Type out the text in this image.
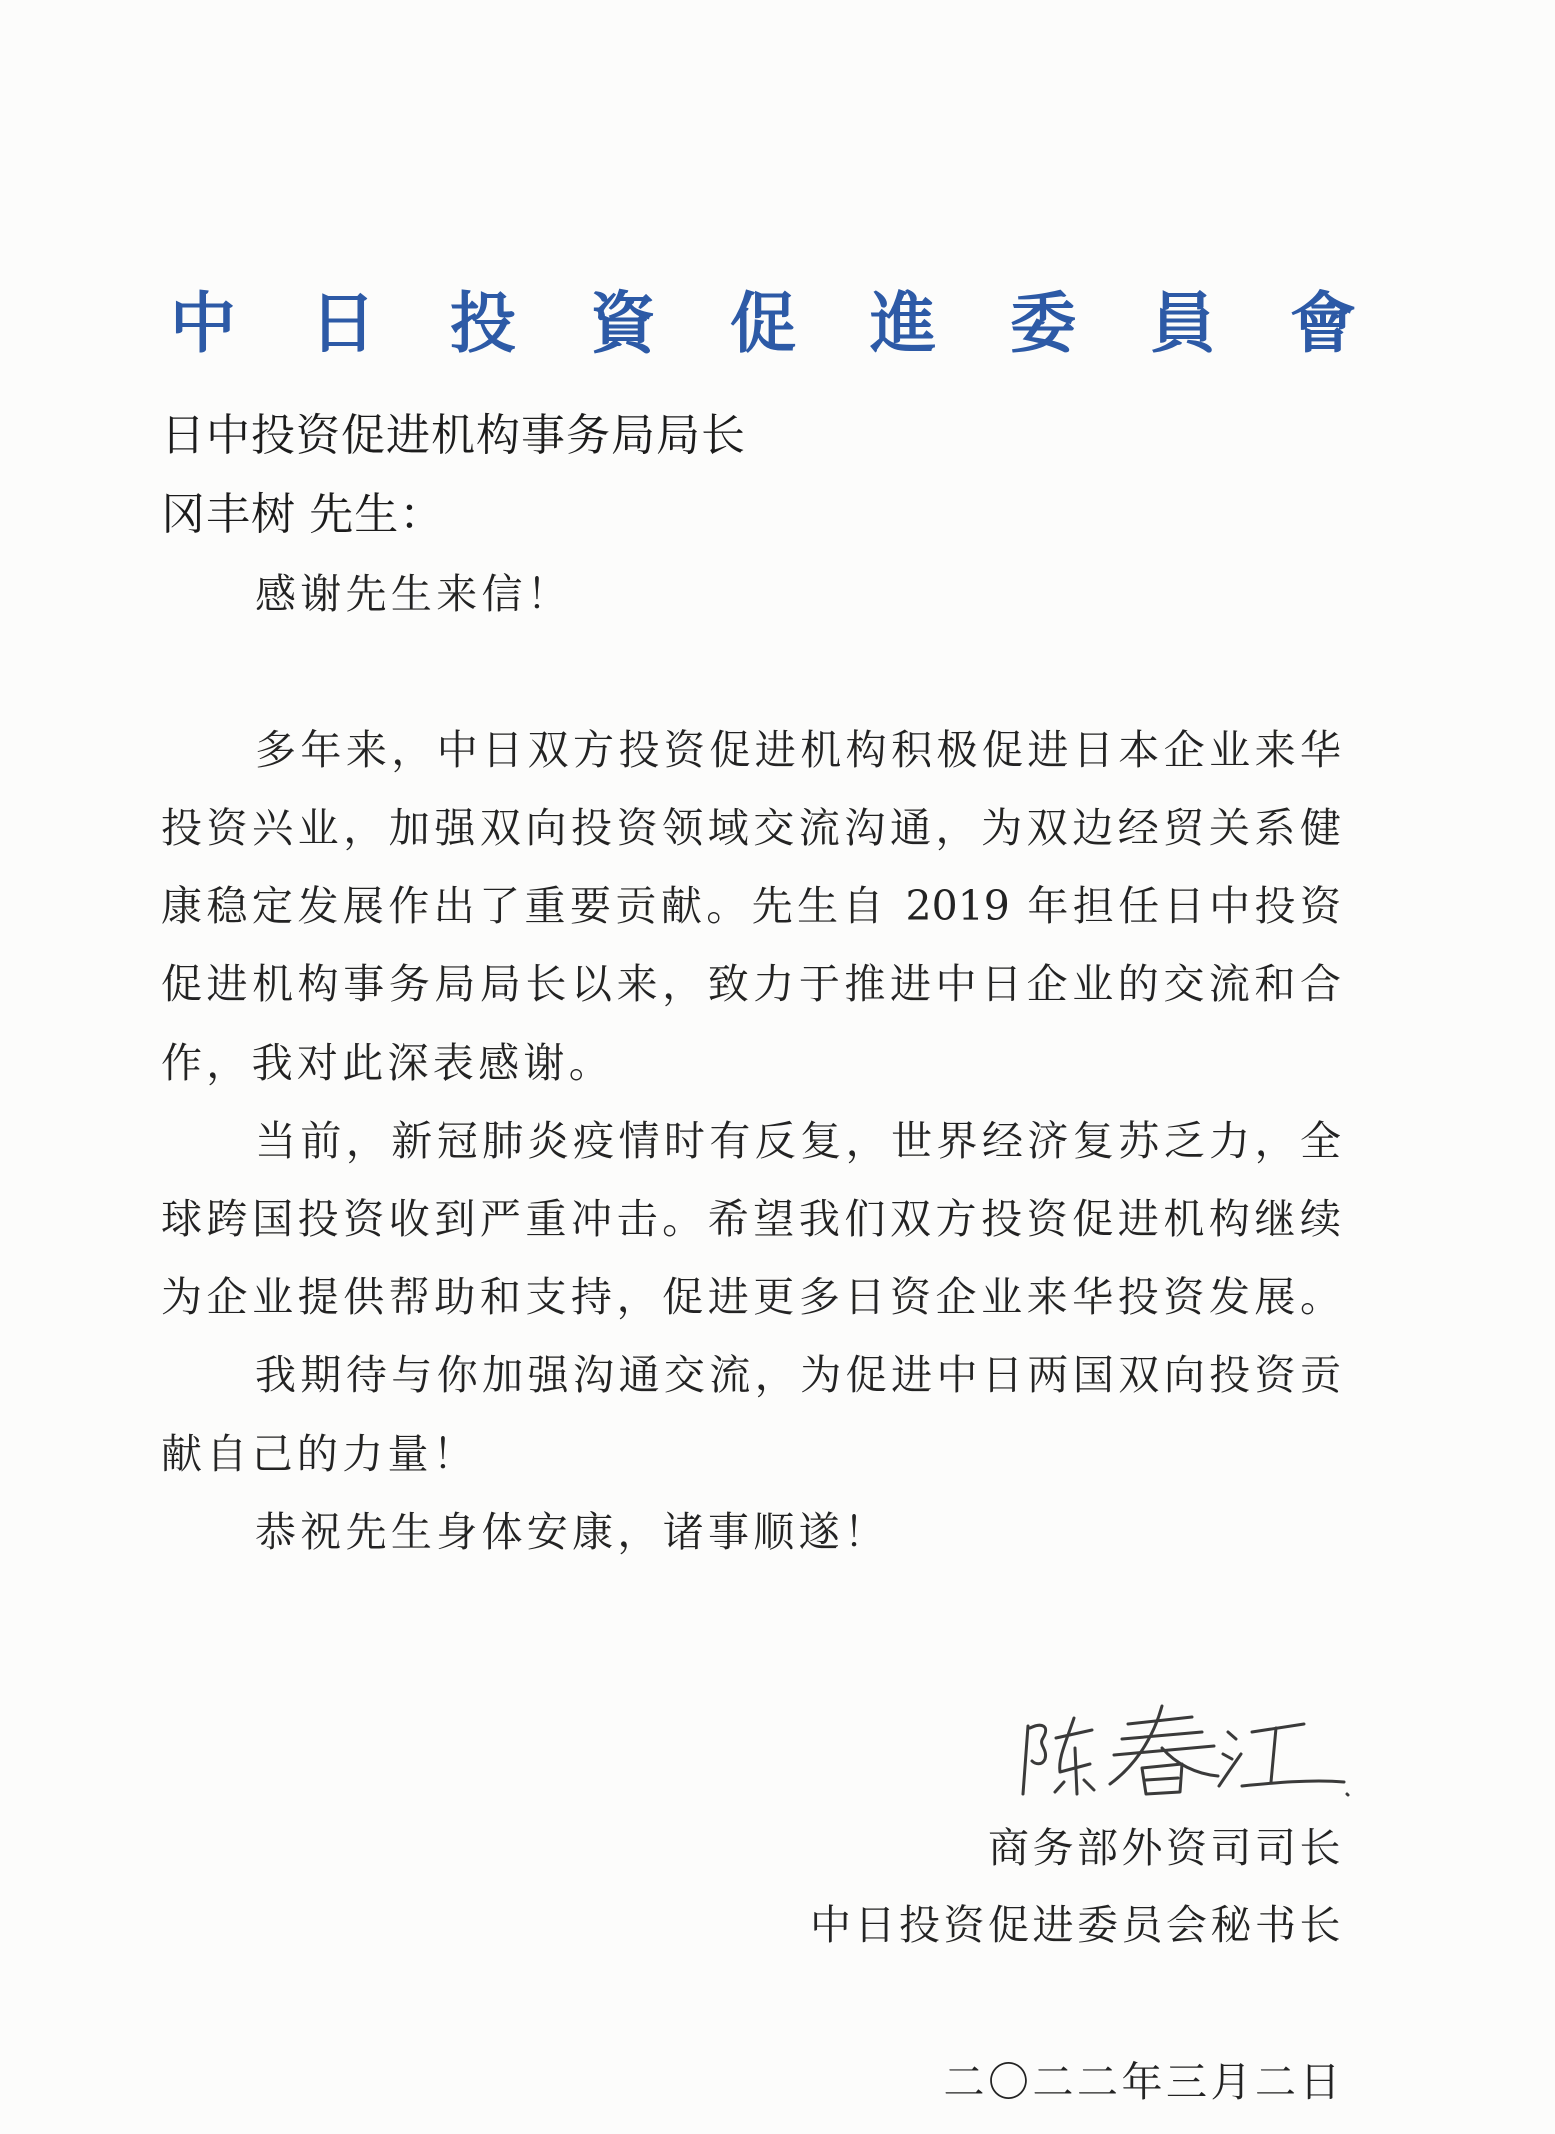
中日投資促進委員會
日中投资促进机构事务局局长
冈丰树 先生：
感谢先生来信！
多年来，中日双方投资促进机构积极促进日本企业来华
投资兴业，加强双向投资领域交流沟通，为双边经贸关系健
康稳定发展作出了重要贡献。先生自 2019 年担任日中投资
促进机构事务局局长以来，致力于推进中日企业的交流和合
作，我对此深表感谢。
当前，新冠肺炎疫情时有反复，世界经济复苏乏力，全
球跨国投资收到严重冲击。希望我们双方投资促进机构继续
为企业提供帮助和支持，促进更多日资企业来华投资发展。
我期待与你加强沟通交流，为促进中日两国双向投资贡
献自己的力量！
恭祝先生身体安康，诸事顺遂！
商务部外资司司长
中日投资促进委员会秘书长
二〇二二年三月二日
